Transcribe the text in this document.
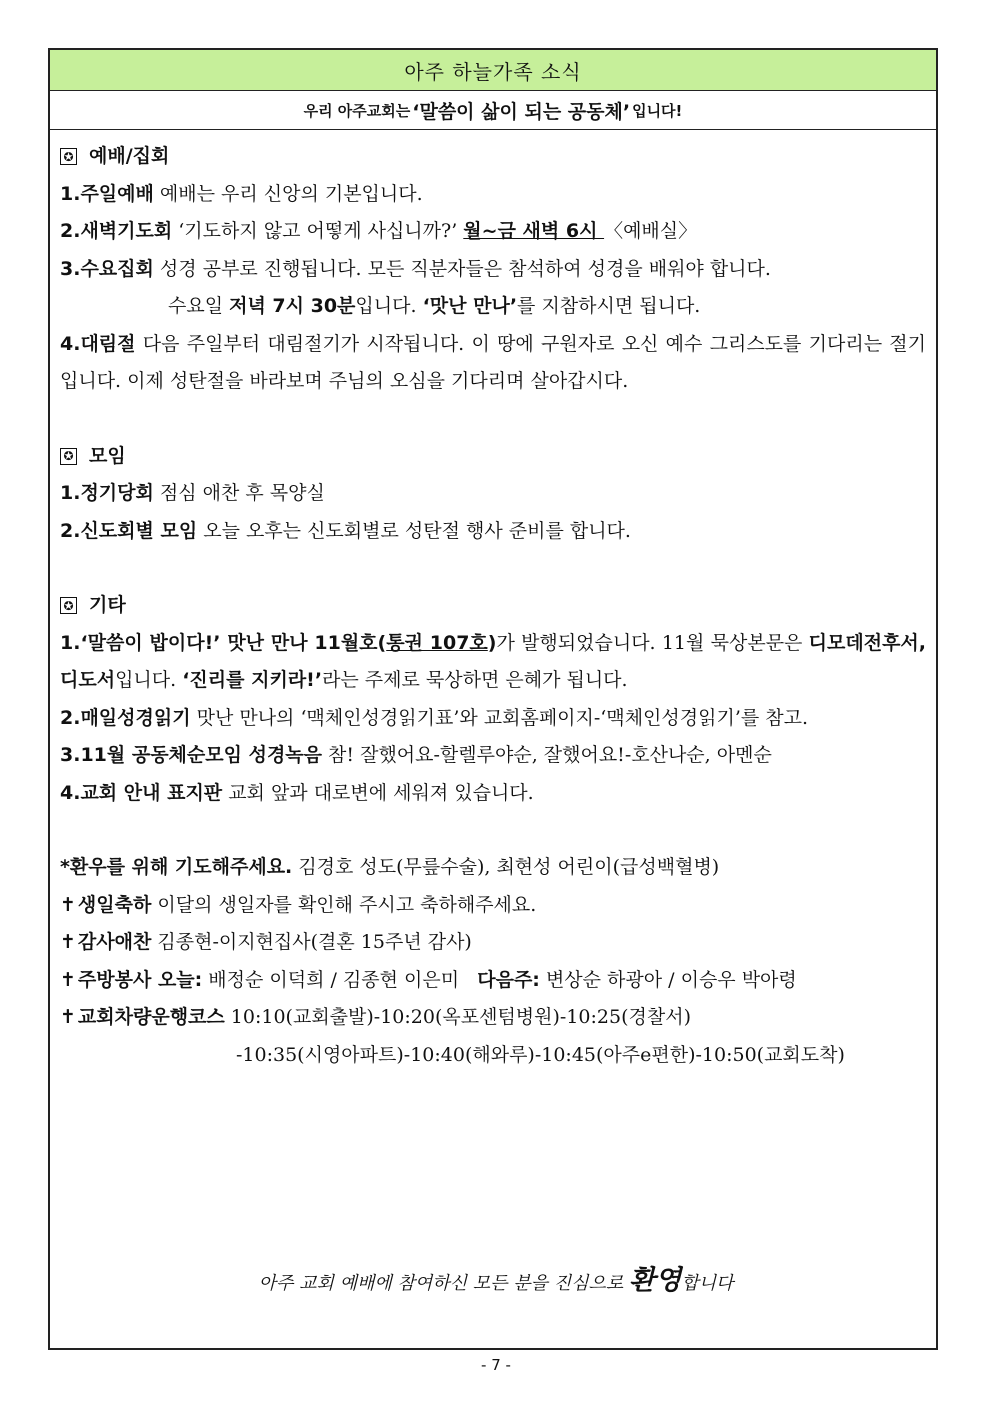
아주 하늘가족 소식
우리 아주교회는 ‘말씀이 삶이 되는 공동체’ 입니다!
✪ 예배/집회
1.주일예배 예배는 우리 신앙의 기본입니다.
2.새벽기도회 ‘기도하지 않고 어떻게 사십니까?’ 월~금 새벽 6시 〈예배실〉
3.수요집회 성경 공부로 진행됩니다. 모든 직분자들은 참석하여 성경을 배워야 합니다.
수요일 저녁 7시 30분입니다. ‘맛난 만나’를 지참하시면 됩니다.
4.대림절 다음 주일부터 대림절기가 시작됩니다. 이 땅에 구원자로 오신 예수 그리스도를 기다리는 절기입니다. 이제 성탄절을 바라보며 주님의 오심을 기다리며 살아갑시다.
✪ 모임
1.정기당회 점심 애찬 후 목양실
2.신도회별 모임 오늘 오후는 신도회별로 성탄절 행사 준비를 합니다.
✪ 기타
1.‘말씀이 밥이다!’ 맛난 만나 11월호(통권 107호)가 발행되었습니다. 11월 묵상본문은 디모데전후서, 디도서입니다. ‘진리를 지키라!’라는 주제로 묵상하면 은혜가 됩니다.
2.매일성경읽기 맛난 만나의 ‘맥체인성경읽기표’와 교회홈페이지-‘맥체인성경읽기’를 참고.
3.11월 공동체순모임 성경녹음 참! 잘했어요-할렐루야순, 잘했어요!-호산나순, 아멘순
4.교회 안내 표지판 교회 앞과 대로변에 세워져 있습니다.
*환우를 위해 기도해주세요. 김경호 성도(무릎수술), 최현성 어린이(급성백혈병)
✝ 생일축하 이달의 생일자를 확인해 주시고 축하해주세요.
✝ 감사애찬 김종현-이지현집사(결혼 15주년 감사)
✝ 주방봉사 오늘: 배정순 이덕희 / 김종현 이은미   다음주: 변상순 하광아 / 이승우 박아령
✝ 교회차량운행코스 10:10(교회출발)-10:20(옥포센텀병원)-10:25(경찰서)
-10:35(시영아파트)-10:40(해와루)-10:45(아주e편한)-10:50(교회도착)
아주 교회 예배에 참여하신 모든 분을 진심으로 환영합니다
- 7 -
